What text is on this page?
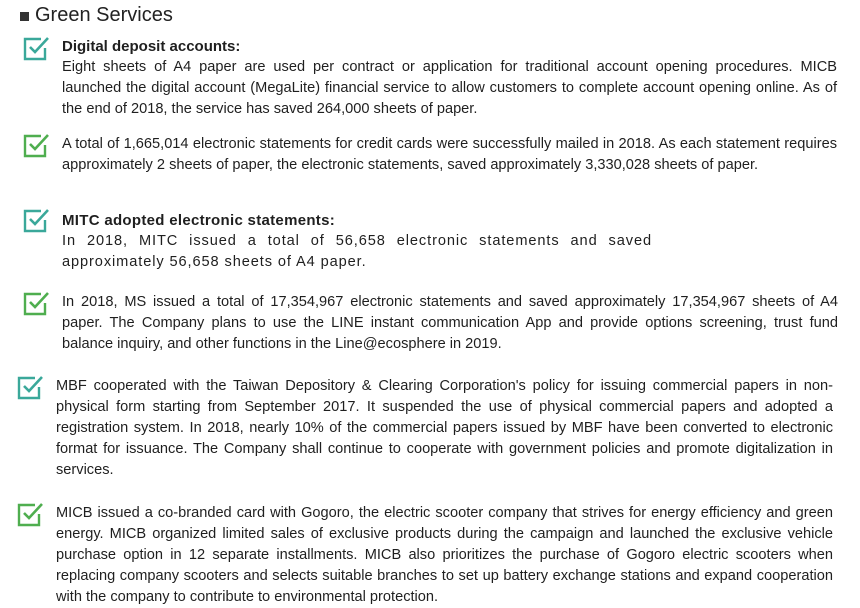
Green Services
Digital deposit accounts:
Eight sheets of A4 paper are used per contract or application for traditional account opening procedures. MICB launched the digital account (MegaLite) financial service to allow customers to complete account opening online. As of the end of 2018, the service has saved 264,000 sheets of paper.
A total of 1,665,014 electronic statements for credit cards were successfully mailed in 2018. As each statement requires approximately 2 sheets of paper, the electronic statements, saved approximately 3,330,028 sheets of paper.
MITC adopted electronic statements:
In 2018, MITC issued a total of 56,658 electronic statements and saved approximately 56,658 sheets of A4 paper.
In 2018, MS issued a total of 17,354,967 electronic statements and saved approximately 17,354,967 sheets of A4 paper. The Company plans to use the LINE instant communication App and provide options screening, trust fund balance inquiry, and other functions in the Line@ecosphere in 2019.
MBF cooperated with the Taiwan Depository & Clearing Corporation's policy for issuing commercial papers in non-physical form starting from September 2017. It suspended the use of physical commercial papers and adopted a registration system. In 2018, nearly 10% of the commercial papers issued by MBF have been converted to electronic format for issuance. The Company shall continue to cooperate with government policies and promote digitalization in services.
MICB issued a co-branded card with Gogoro, the electric scooter company that strives for energy efficiency and green energy. MICB organized limited sales of exclusive products during the campaign and launched the exclusive vehicle purchase option in 12 separate installments. MICB also prioritizes the purchase of Gogoro electric scooters when replacing company scooters and selects suitable branches to set up battery exchange stations and expand cooperation with the company to contribute to environmental protection.
